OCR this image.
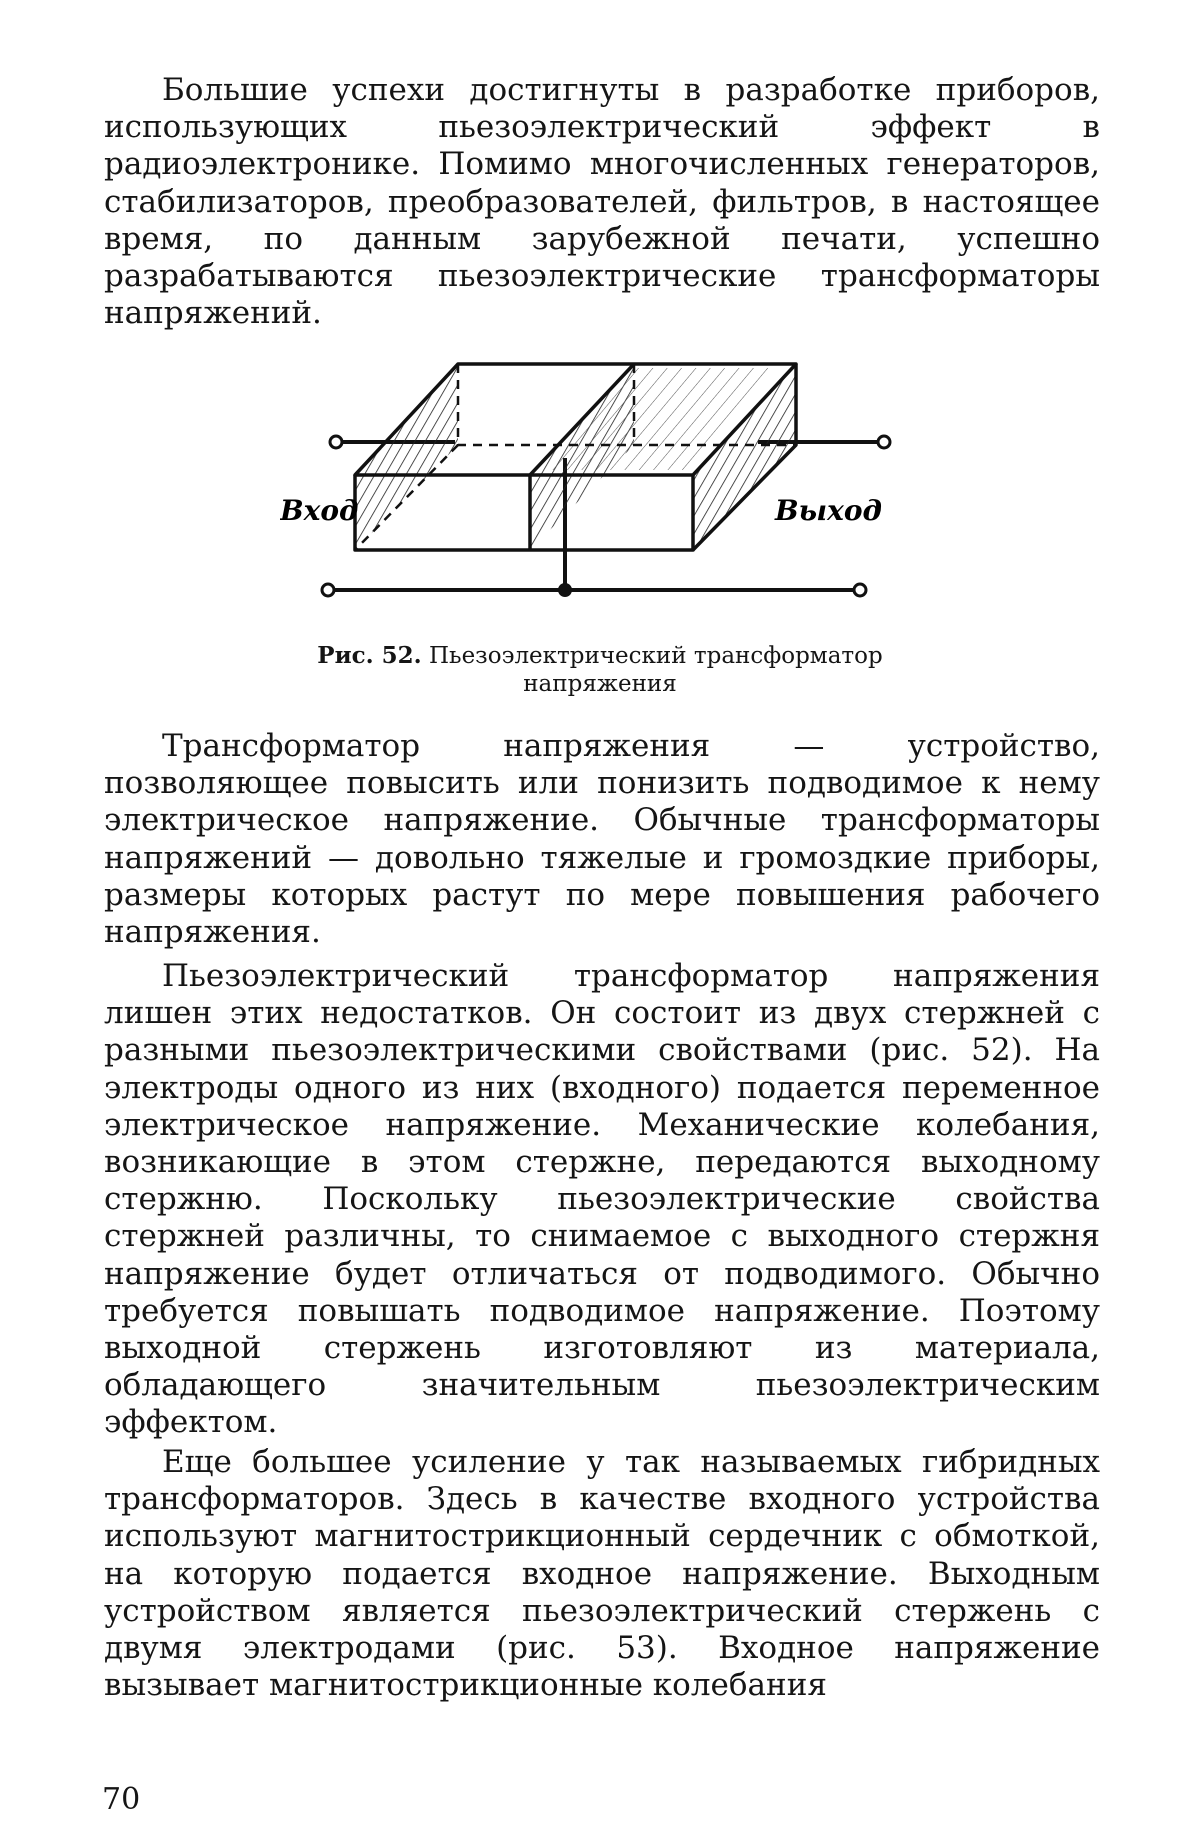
Большие успехи достигнуты в разработке приборов, использующих пьезоэлектрический эффект в радиоэлектронике. Помимо многочисленных генераторов, стабилизаторов, преобразователей, фильтров, в настоящее время, по данным зарубежной печати, успешно разрабатываются пьезоэлектрические трансформаторы напряжений.

Вход	Выход

Рис. 52. Пьезоэлектрический трансформатор напряжения

Трансформатор напряжения — устройство, позволяющее повысить или понизить подводимое к нему электрическое напряжение. Обычные трансформаторы напряжений — довольно тяжелые и громоздкие приборы, размеры которых растут по мере повышения рабочего напряжения.

Пьезоэлектрический трансформатор напряжения лишен этих недостатков. Он состоит из двух стержней с разными пьезоэлектрическими свойствами (рис. 52). На электроды одного из них (входного) подается переменное электрическое напряжение. Механические колебания, возникающие в этом стержне, передаются выходному стержню. Поскольку пьезоэлектрические свойства стержней различны, то снимаемое с выходного стержня напряжение будет отличаться от подводимого. Обычно требуется повышать подводимое напряжение. Поэтому выходной стержень изготовляют из материала, обладающего значительным пьезоэлектрическим эффектом.

Еще большее усиление у так называемых гибридных трансформаторов. Здесь в качестве входного устройства используют магнитострикционный сердечник с обмоткой, на которую подается входное напряжение. Выходным устройством является пьезоэлектрический стержень с двумя электродами (рис. 53). Входное напряжение вызывает магнитострикционные колебания

70
